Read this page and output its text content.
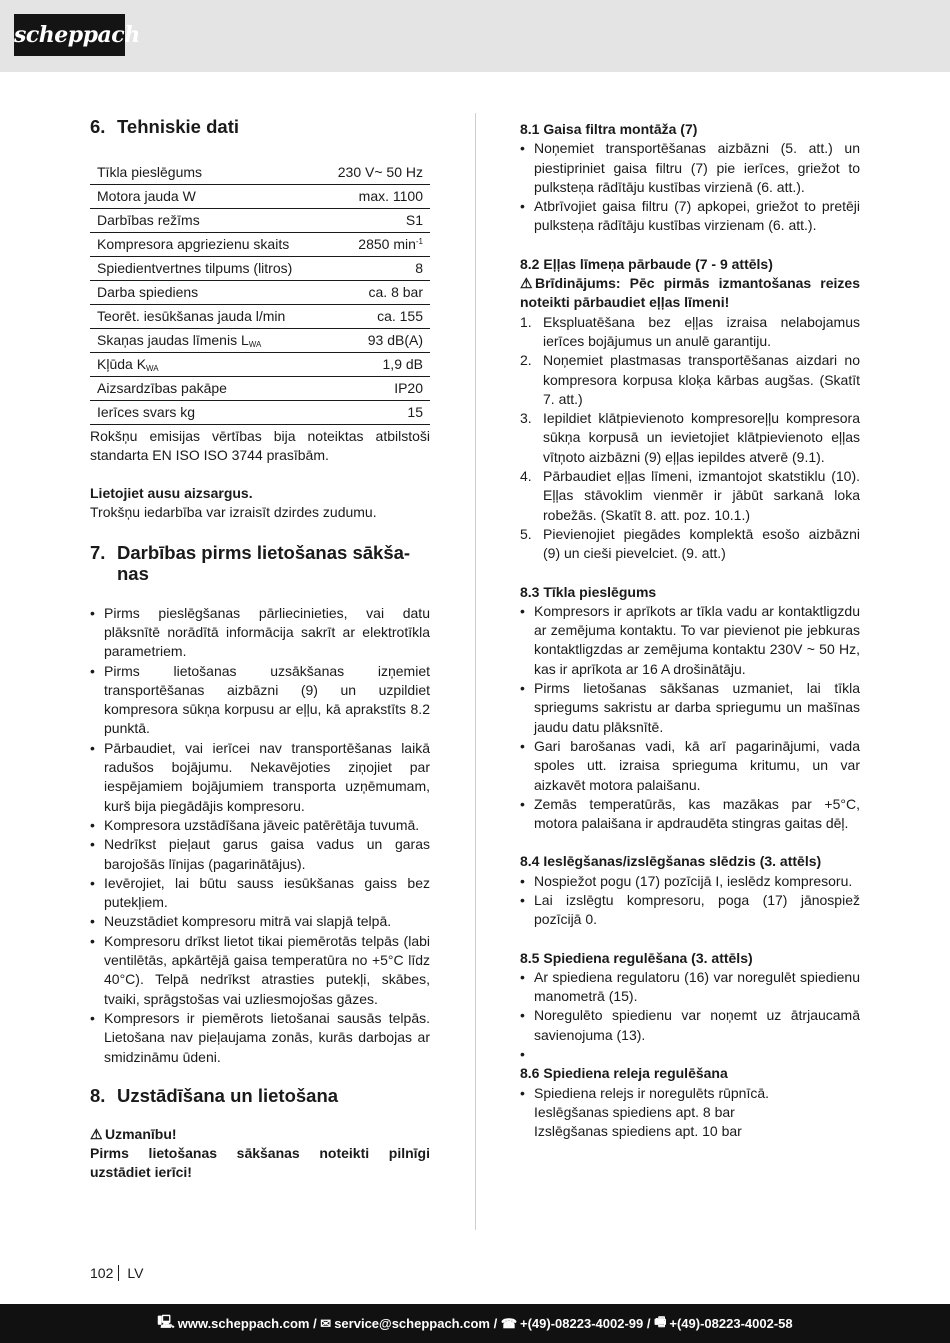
scheppach
6. Tehniskie dati
Tīkla pieslēgums	230 V~ 50 Hz
Motora jauda W	max. 1100
Darbības režīms	S1
Kompresora apgriezienu skaits	2850 $\min^{-1}$
Spiedientvertnes tilpums (litros)	8
Darba spiediens	ca. 8 bar
Teorēt. iesūkšanas jauda l/min	ca. 155
Skaņas jaudas līmenis $L_{WA}$	93 dB(A)
Kļūda $K_{WA}$	1,9 dB
Aizsardzības pakāpe	IP20
Ierīces svars kg	15
Rokšņu emisijas vērtības bija noteiktas atbilstoši standarta EN ISO ISO 3744 prasībām.
Lietojiet ausu aizsargus.
Trokšņu iedarbība var izraisīt dzirdes zudumu.
7. Darbības pirms lietošanas sākša-
nas
• Pirms pieslēgšanas pārliecinieties, vai datu plāksnītē norādītā informācija sakrīt ar elektrotīkla parametriem.
• Pirms lietošanas uzsākšanas izņemiet transportēšanas aizbāzni (9) un uzpildiet kompresora sūkņa korpusu ar eļļu, kā aprakstīts 8.2 punktā.
• Pārbaudiet, vai ierīcei nav transportēšanas laikā radušos bojājumu. Nekavējoties ziņojiet par iespējamiem bojājumiem transporta uzņēmumam, kurš bija piegādājis kompresoru.
• Kompresora uzstādīšana jāveic patērētāja tuvumā.
• Nedrīkst pieļaut garus gaisa vadus un garas barojošās līnijas (pagarinātājus).
• Ievērojiet, lai būtu sauss iesūkšanas gaiss bez putekļiem.
• Neuzstādiet kompresoru mitrā vai slapjā telpā.
• Kompresoru drīkst lietot tikai piemērotās telpās (labi ventilētās, apkārtējā gaisa temperatūra no +5°C līdz 40°C). Telpā nedrīkst atrasties putekļi, skābes, tvaiki, sprāgstošas vai uzliesmojošas gāzes.
• Kompresors ir piemērots lietošanai sausās telpās. Lietošana nav pieļaujama zonās, kurās darbojas ar smidzināmu ūdeni.
8. Uzstādīšana un lietošana
⚠ Uzmanību!
Pirms lietošanas sākšanas noteikti pilnīgi uzstādiet ierīci!
8.1 Gaisa filtra montāža (7)
• Noņemiet transportēšanas aizbāzni (5. att.) un piestipriniet gaisa filtru (7) pie ierīces, griežot to pulksteņa rādītāju kustības virzienā (6. att.).
• Atbrīvojiet gaisa filtru (7) apkopei, griežot to pretēji pulksteņa rādītāju kustības virzienam (6. att.).
8.2 Eļļas līmeņa pārbaude (7 - 9 attēls)
⚠ Brīdinājums: Pēc pirmās izmantošanas reizes noteikti pārbaudiet eļļas līmeni!
1. Ekspluatēšana bez eļļas izraisa nelabojamus ierīces bojājumus un anulē garantiju.
2. Noņemiet plastmasas transportēšanas aizdari no kompresora korpusa kloķa kārbas augšas. (Skatīt 7. att.)
3. Iepildiet klātpievienoto kompresoreļļu kompresora sūkņa korpusā un ievietojiet klātpievienoto eļļas vītņoto aizbāzni (9) eļļas iepildes atverē (9.1).
4. Pārbaudiet eļļas līmeni, izmantojot skatstiklu (10). Eļļas stāvoklim vienmēr ir jābūt sarkanā loka robežās. (Skatīt 8. att. poz. 10.1.)
5. Pievienojiet piegādes komplektā esošo aizbāzni (9) un cieši pievelciet. (9. att.)
8.3 Tīkla pieslēgums
• Kompresors ir aprīkots ar tīkla vadu ar kontaktligzdu ar zemējuma kontaktu. To var pievienot pie jebkuras kontaktligzdas ar zemējuma kontaktu 230V ~ 50 Hz, kas ir aprīkota ar 16 A drošinātāju.
• Pirms lietošanas sākšanas uzmaniet, lai tīkla spriegums sakristu ar darba spriegumu un mašīnas jaudu datu plāksnītē.
• Gari barošanas vadi, kā arī pagarinājumi, vada spoles utt. izraisa sprieguma kritumu, un var aizkavēt motora palaišanu.
• Zemās temperatūrās, kas mazākas par +5°C, motora palaišana ir apdraudēta stingras gaitas dēļ.
8.4 Ieslēgšanas/izslēgšanas slēdzis (3. attēls)
• Nospiežot pogu (17) pozīcijā I, ieslēdz kompresoru.
• Lai izslēgtu kompresoru, poga (17) jānospiež pozīcijā 0.
8.5 Spiediena regulēšana (3. attēls)
• Ar spiediena regulatoru (16) var noregulēt spiedienu manometrā (15).
• Noregulēto spiedienu var noņemt uz ātrjaucamā savienojuma (13).
•
8.6 Spiediena releja regulēšana
• Spiediena relejs ir noregulēts rūpnīcā.
Ieslēgšanas spiediens apt. 8 bar
Izslēgšanas spiediens apt. 10 bar
102 LV
🖳 www.scheppach.com / ✉ service@scheppach.com / ☎ +(49)-08223-4002-99 / 🖷 +(49)-08223-4002-58
